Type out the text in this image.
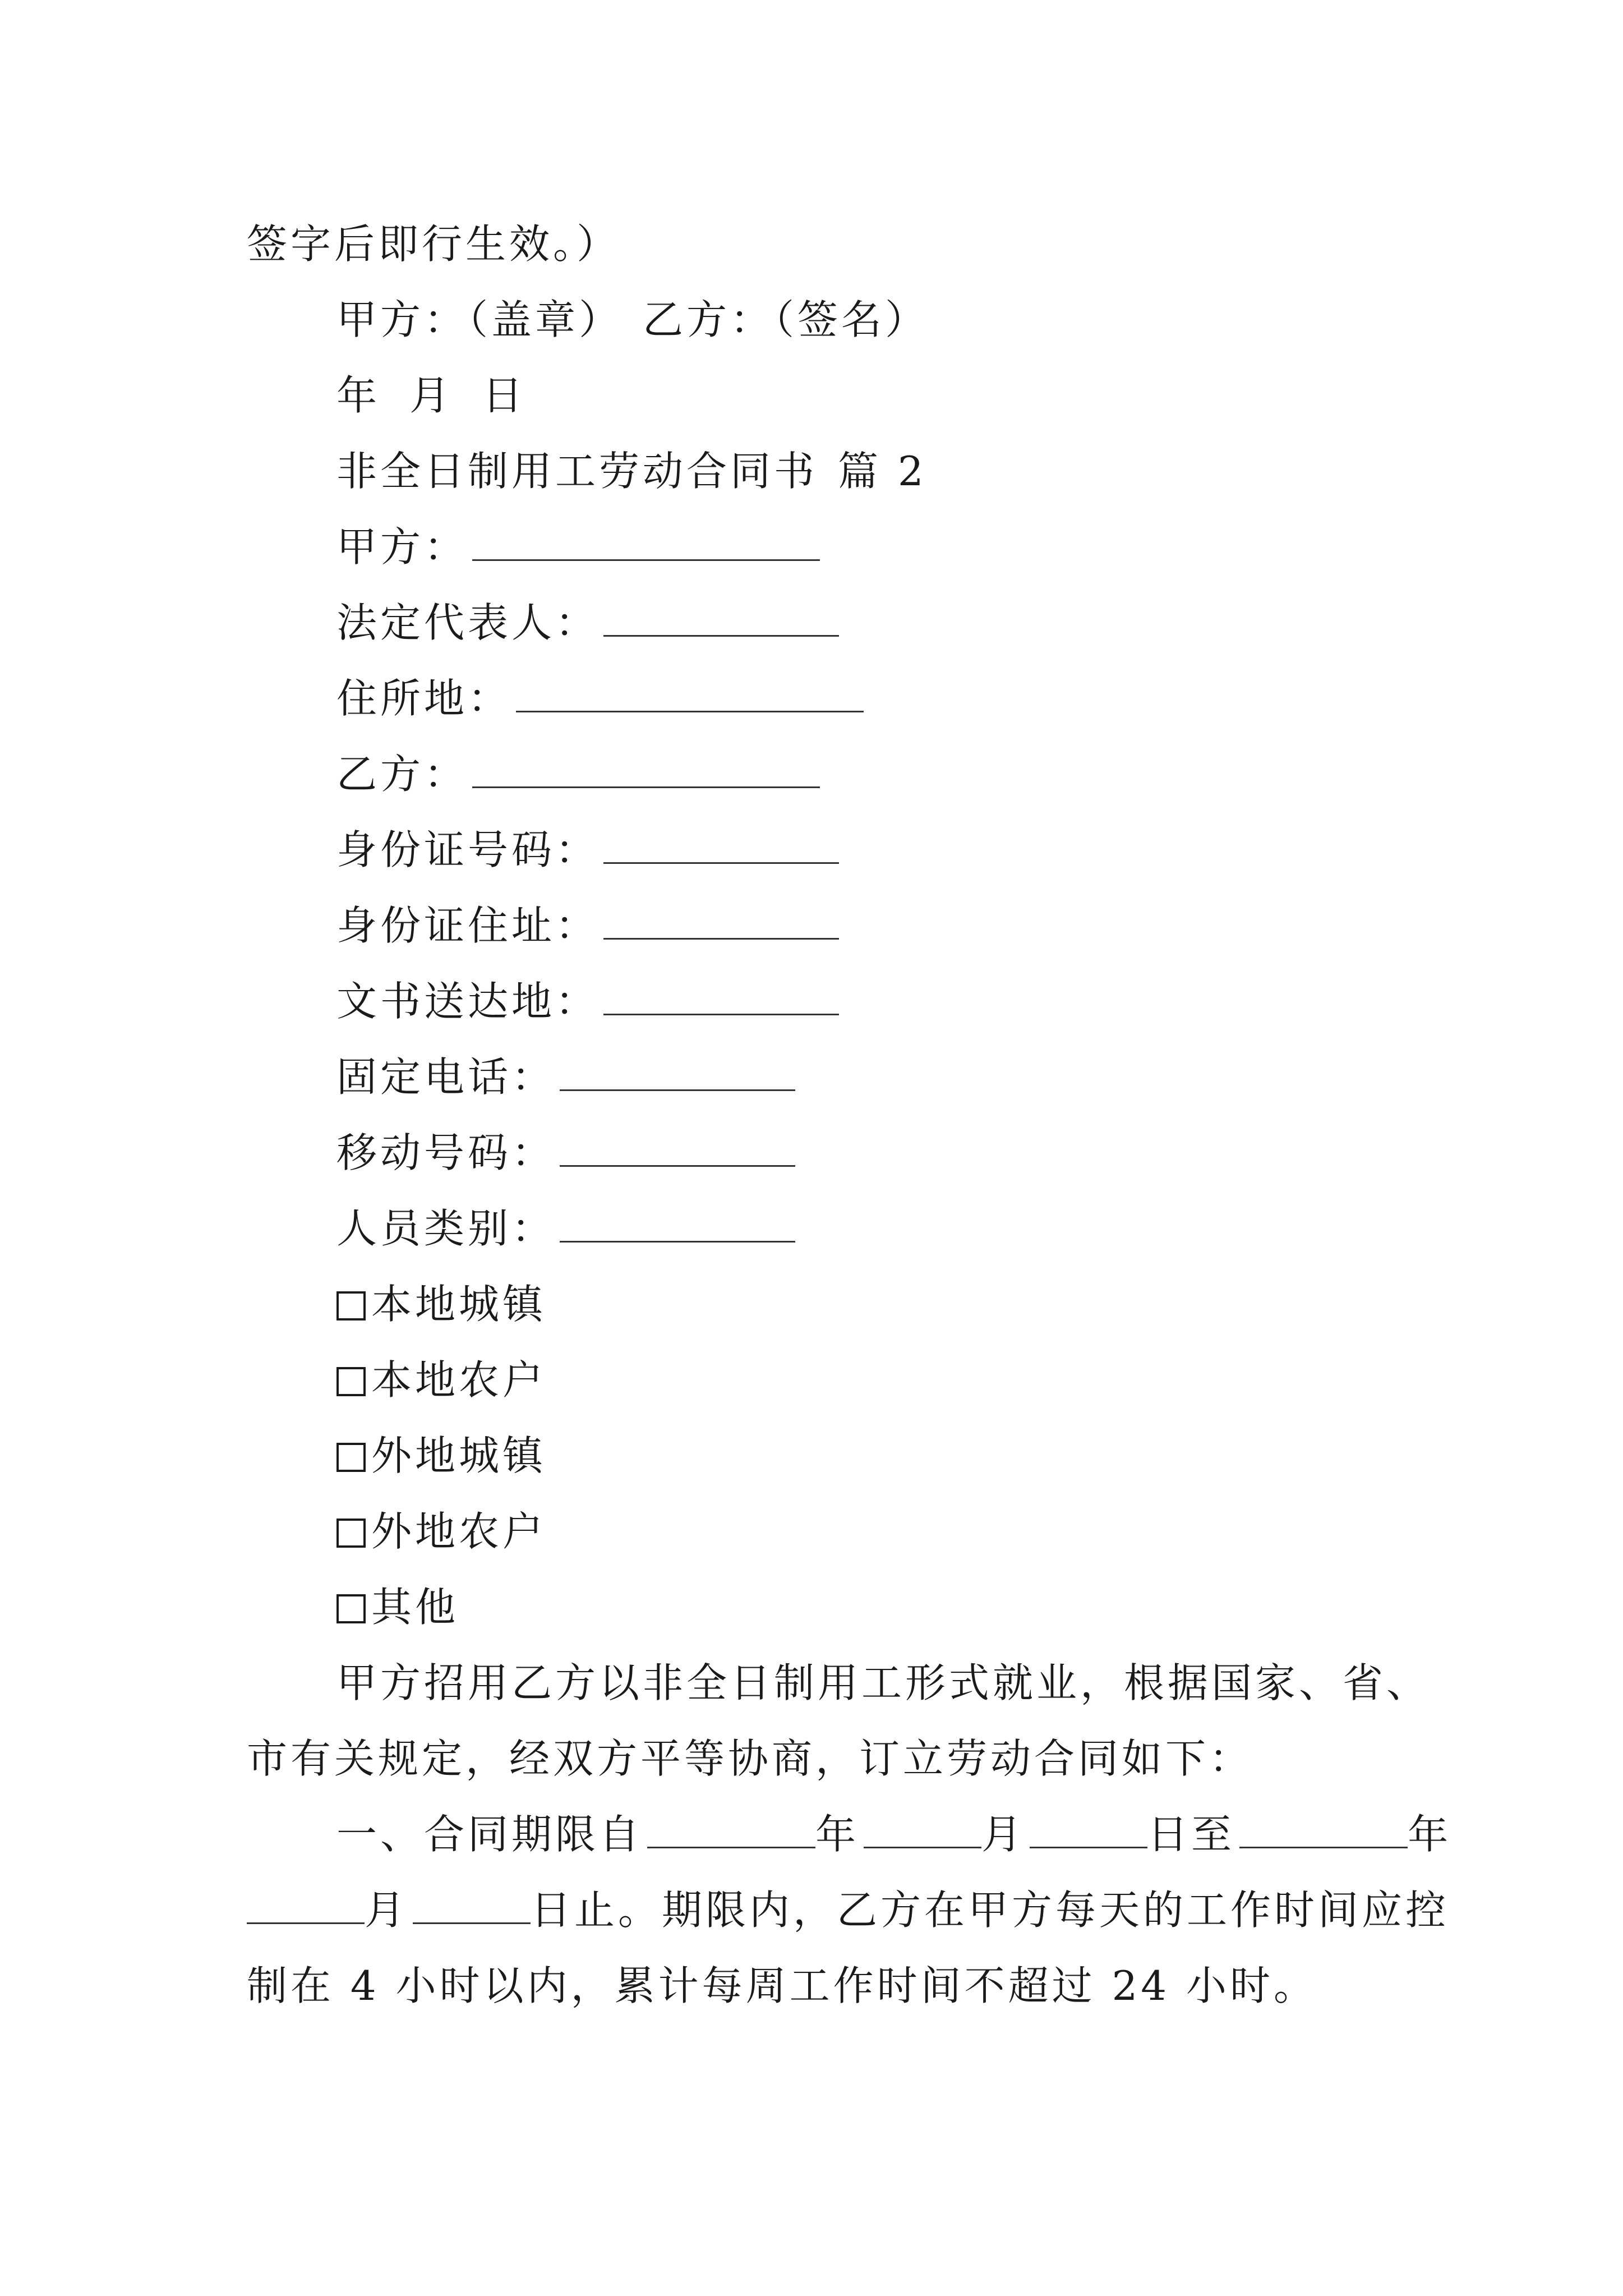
签字后即行生效。）
甲方：（盖章） 乙方：（签名）
年 月 日
非全日制用工劳动合同书 篇 2
甲方：
法定代表人：
住所地：
乙方：
身份证号码：
身份证住址：
文书送达地：
固定电话：
移动号码：
人员类别：
本地城镇
本地农户
外地城镇
外地农户
其他
甲方招用乙方以非全日制用工形式就业，根据国家、省、
市有关规定，经双方平等协商，订立劳动合同如下：
一、合同期限自	年	月	日至	年
月	日止。期限内，乙方在甲方每天的工作时间应控
制在 4 小时以内，累计每周工作时间不超过 24 小时。
